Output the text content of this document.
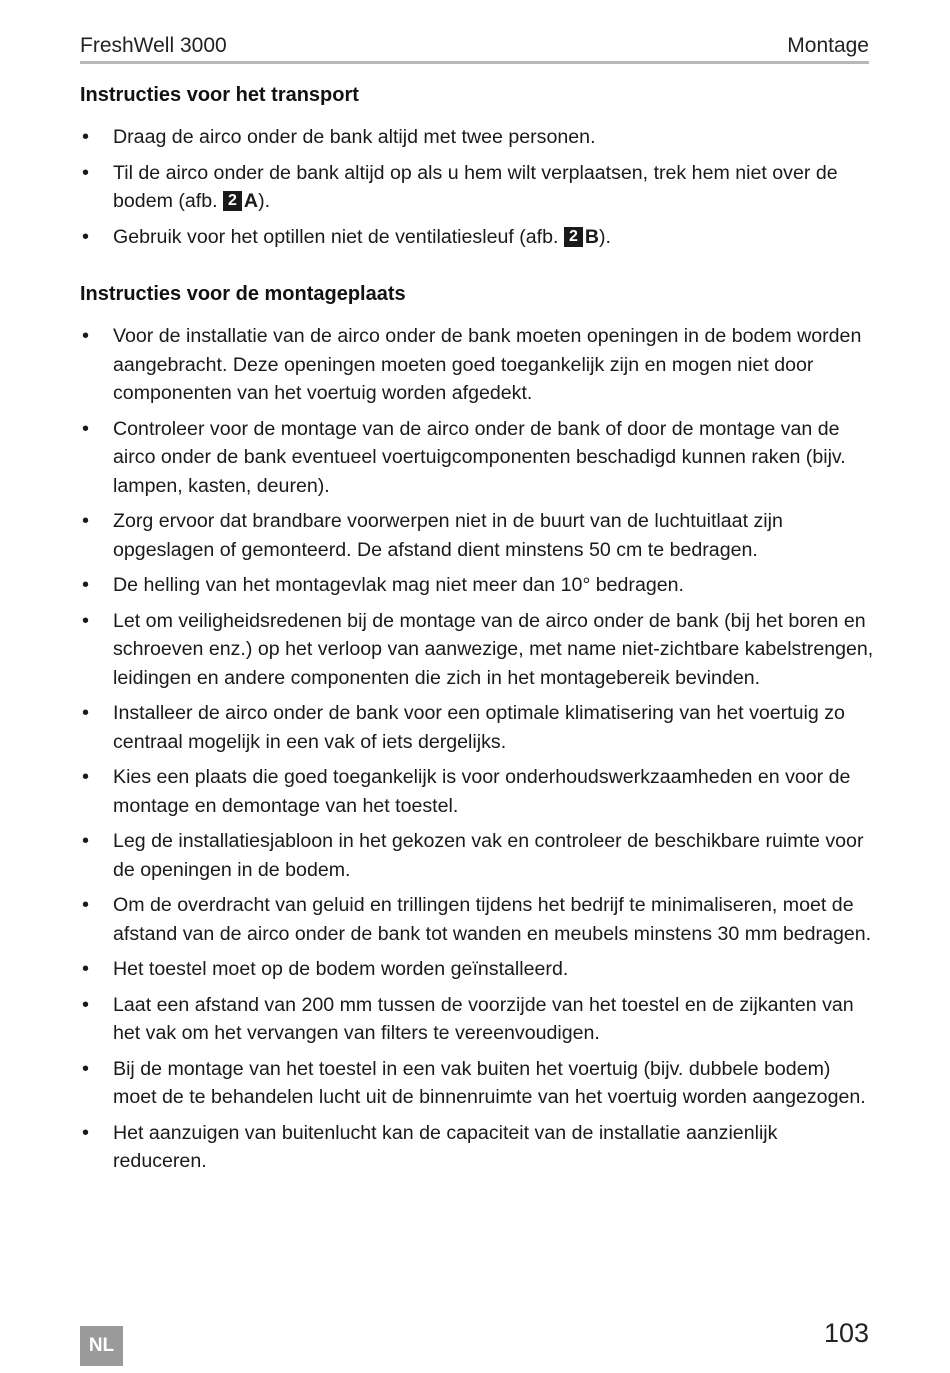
FreshWell 3000	Montage
Instructies voor het transport
• Draag de airco onder de bank altijd met twee personen.
• Til de airco onder de bank altijd op als u hem wilt verplaatsen, trek hem niet over de bodem (afb. 2 A).
• Gebruik voor het optillen niet de ventilatiesleuf (afb. 2 B).
Instructies voor de montageplaats
• Voor de installatie van de airco onder de bank moeten openingen in de bodem worden aangebracht. Deze openingen moeten goed toegankelijk zijn en mogen niet door componenten van het voertuig worden afgedekt.
• Controleer voor de montage van de airco onder de bank of door de montage van de airco onder de bank eventueel voertuigcomponenten beschadigd kunnen raken (bijv. lampen, kasten, deuren).
• Zorg ervoor dat brandbare voorwerpen niet in de buurt van de luchtuitlaat zijn opgeslagen of gemonteerd. De afstand dient minstens 50 cm te bedragen.
• De helling van het montagevlak mag niet meer dan 10° bedragen.
• Let om veiligheidsredenen bij de montage van de airco onder de bank (bij het boren en schroeven enz.) op het verloop van aanwezige, met name niet-zichtbare kabelstrengen, leidingen en andere componenten die zich in het montagebereik bevinden.
• Installeer de airco onder de bank voor een optimale klimatisering van het voertuig zo centraal mogelijk in een vak of iets dergelijks.
• Kies een plaats die goed toegankelijk is voor onderhoudswerkzaamheden en voor de montage en demontage van het toestel.
• Leg de installatiesjabloon in het gekozen vak en controleer de beschikbare ruimte voor de openingen in de bodem.
• Om de overdracht van geluid en trillingen tijdens het bedrijf te minimaliseren, moet de afstand van de airco onder de bank tot wanden en meubels minstens 30 mm bedragen.
• Het toestel moet op de bodem worden geïnstalleerd.
• Laat een afstand van 200 mm tussen de voorzijde van het toestel en de zijkanten van het vak om het vervangen van filters te vereenvoudigen.
• Bij de montage van het toestel in een vak buiten het voertuig (bijv. dubbele bodem) moet de te behandelen lucht uit de binnenruimte van het voertuig worden aangezogen.
• Het aanzuigen van buitenlucht kan de capaciteit van de installatie aanzienlijk reduceren.
NL	103
